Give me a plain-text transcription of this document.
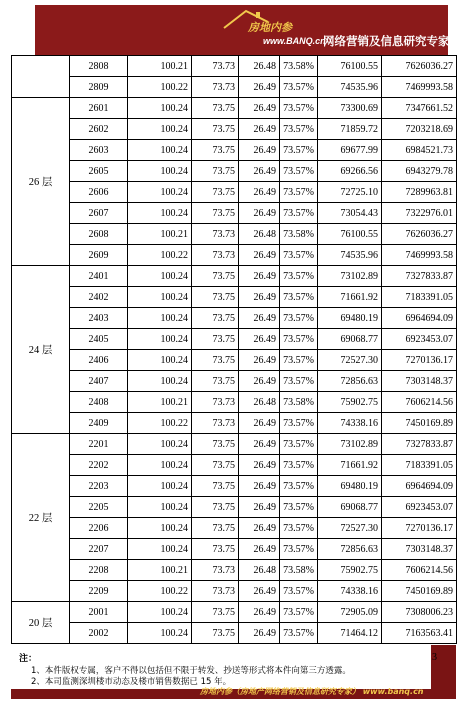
房地内参
www.BANQ.cn
网络营销及信息研究专家
	2808	100.21	73.73	26.48	73.58%	76100.55	7626036.27
	2809	100.22	73.73	26.49	73.57%	74535.96	7469993.58
26 层	2601	100.24	73.75	26.49	73.57%	73300.69	7347661.52
	2602	100.24	73.75	26.49	73.57%	71859.72	7203218.69
	2603	100.24	73.75	26.49	73.57%	69677.99	6984521.73
	2605	100.24	73.75	26.49	73.57%	69266.56	6943279.78
	2606	100.24	73.75	26.49	73.57%	72725.10	7289963.81
	2607	100.24	73.75	26.49	73.57%	73054.43	7322976.01
	2608	100.21	73.73	26.48	73.58%	76100.55	7626036.27
	2609	100.22	73.73	26.49	73.57%	74535.96	7469993.58
24 层	2401	100.24	73.75	26.49	73.57%	73102.89	7327833.87
	2402	100.24	73.75	26.49	73.57%	71661.92	7183391.05
	2403	100.24	73.75	26.49	73.57%	69480.19	6964694.09
	2405	100.24	73.75	26.49	73.57%	69068.77	6923453.07
	2406	100.24	73.75	26.49	73.57%	72527.30	7270136.17
	2407	100.24	73.75	26.49	73.57%	72856.63	7303148.37
	2408	100.21	73.73	26.48	73.58%	75902.75	7606214.56
	2409	100.22	73.73	26.49	73.57%	74338.16	7450169.89
22 层	2201	100.24	73.75	26.49	73.57%	73102.89	7327833.87
	2202	100.24	73.75	26.49	73.57%	71661.92	7183391.05
	2203	100.24	73.75	26.49	73.57%	69480.19	6964694.09
	2205	100.24	73.75	26.49	73.57%	69068.77	6923453.07
	2206	100.24	73.75	26.49	73.57%	72527.30	7270136.17
	2207	100.24	73.75	26.49	73.57%	72856.63	7303148.37
	2208	100.21	73.73	26.48	73.58%	75902.75	7606214.56
	2209	100.22	73.73	26.49	73.57%	74338.16	7450169.89
20 层	2001	100.24	73.75	26.49	73.57%	72905.09	7308006.23
	2002	100.24	73.75	26.49	73.57%	71464.12	7163563.41
注：
1、本件版权专属，客户不得以包括但不限于转发、抄送等形式将本件向第三方透露。
2、本司监测深圳楼市动态及楼市销售数据已 15 年。
3
房地内参（房地产网络营销及信息研究专家） www.banq.cn
